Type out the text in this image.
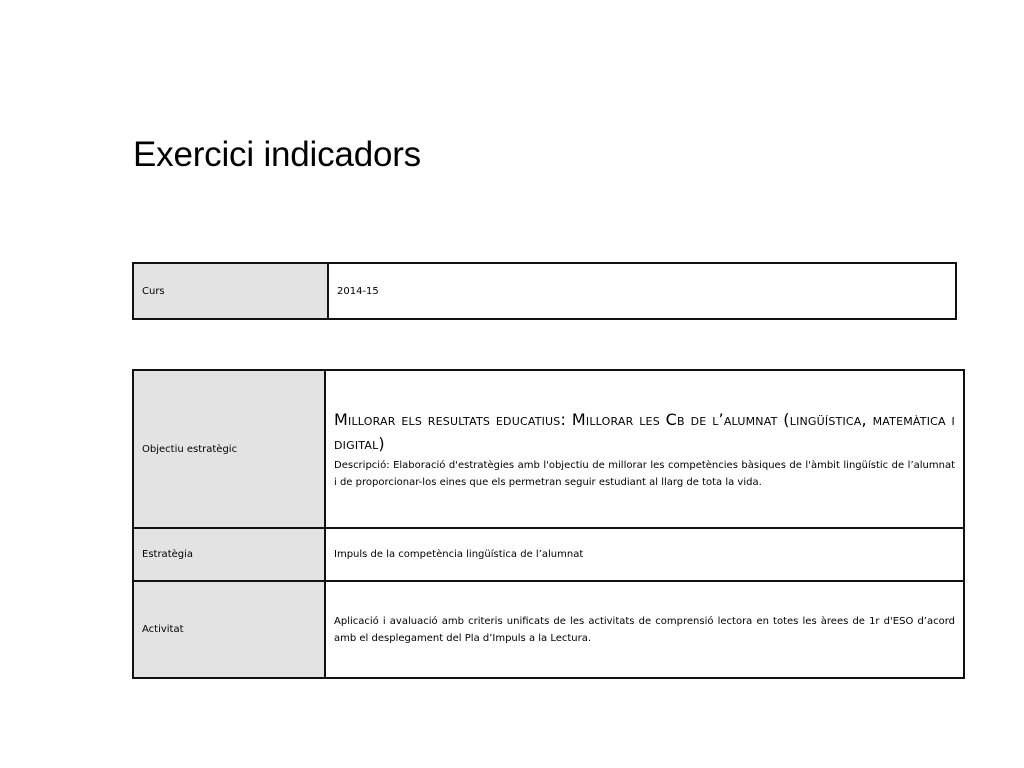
Exercici indicadors
Curs	2014-15
Objectiu estratègic	Millorar els resultats educatius: Millorar les Cb de l’alumnat (lingüística, matemàtica i digital)

Descripció: Elaboració d'estratègies amb l'objectiu de millorar les competències bàsiques de l'àmbit lingüístic de l’alumnat i de proporcionar-los eines que els permetran seguir estudiant al llarg de tota la vida.

Estratègia	Impuls de la competència lingüística de l’alumnat
Activitat	Aplicació i avaluació amb criteris unificats de les activitats de comprensió lectora en totes les àrees de 1r d'ESO d’acord amb el desplegament del Pla d’Impuls a la Lectura.
